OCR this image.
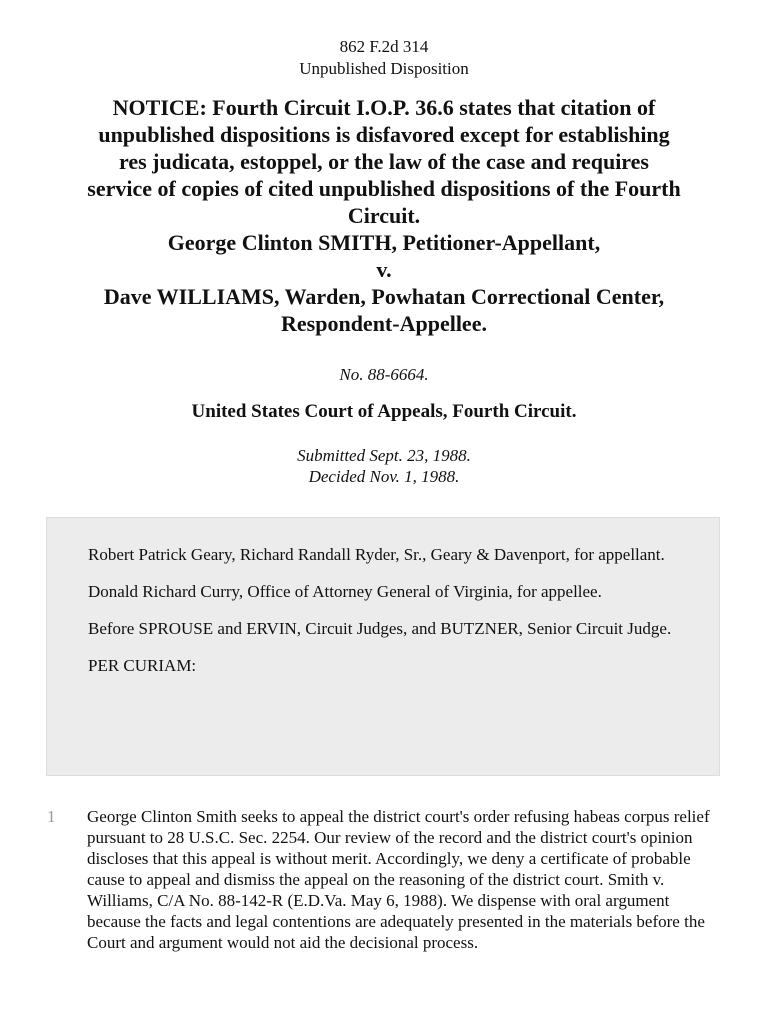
862 F.2d 314
Unpublished Disposition
NOTICE: Fourth Circuit I.O.P. 36.6 states that citation of
unpublished dispositions is disfavored except for establishing
res judicata, estoppel, or the law of the case and requires
service of copies of cited unpublished dispositions of the Fourth
Circuit.
George Clinton SMITH, Petitioner-Appellant,
v.
Dave WILLIAMS, Warden, Powhatan Correctional Center,
Respondent-Appellee.
No. 88-6664.
United States Court of Appeals, Fourth Circuit.
Submitted Sept. 23, 1988.
Decided Nov. 1, 1988.

Robert Patrick Geary, Richard Randall Ryder, Sr., Geary & Davenport, for appellant.

Donald Richard Curry, Office of Attorney General of Virginia, for appellee.

Before SPROUSE and ERVIN, Circuit Judges, and BUTZNER, Senior Circuit Judge.

PER CURIAM:

1 George Clinton Smith seeks to appeal the district court's order refusing habeas corpus relief pursuant to 28 U.S.C. Sec. 2254. Our review of the record and the district court's opinion discloses that this appeal is without merit. Accordingly, we deny a certificate of probable cause to appeal and dismiss the appeal on the reasoning of the district court. Smith v. Williams, C/A No. 88-142-R (E.D.Va. May 6, 1988). We dispense with oral argument because the facts and legal contentions are adequately presented in the materials before the Court and argument would not aid the decisional process.
